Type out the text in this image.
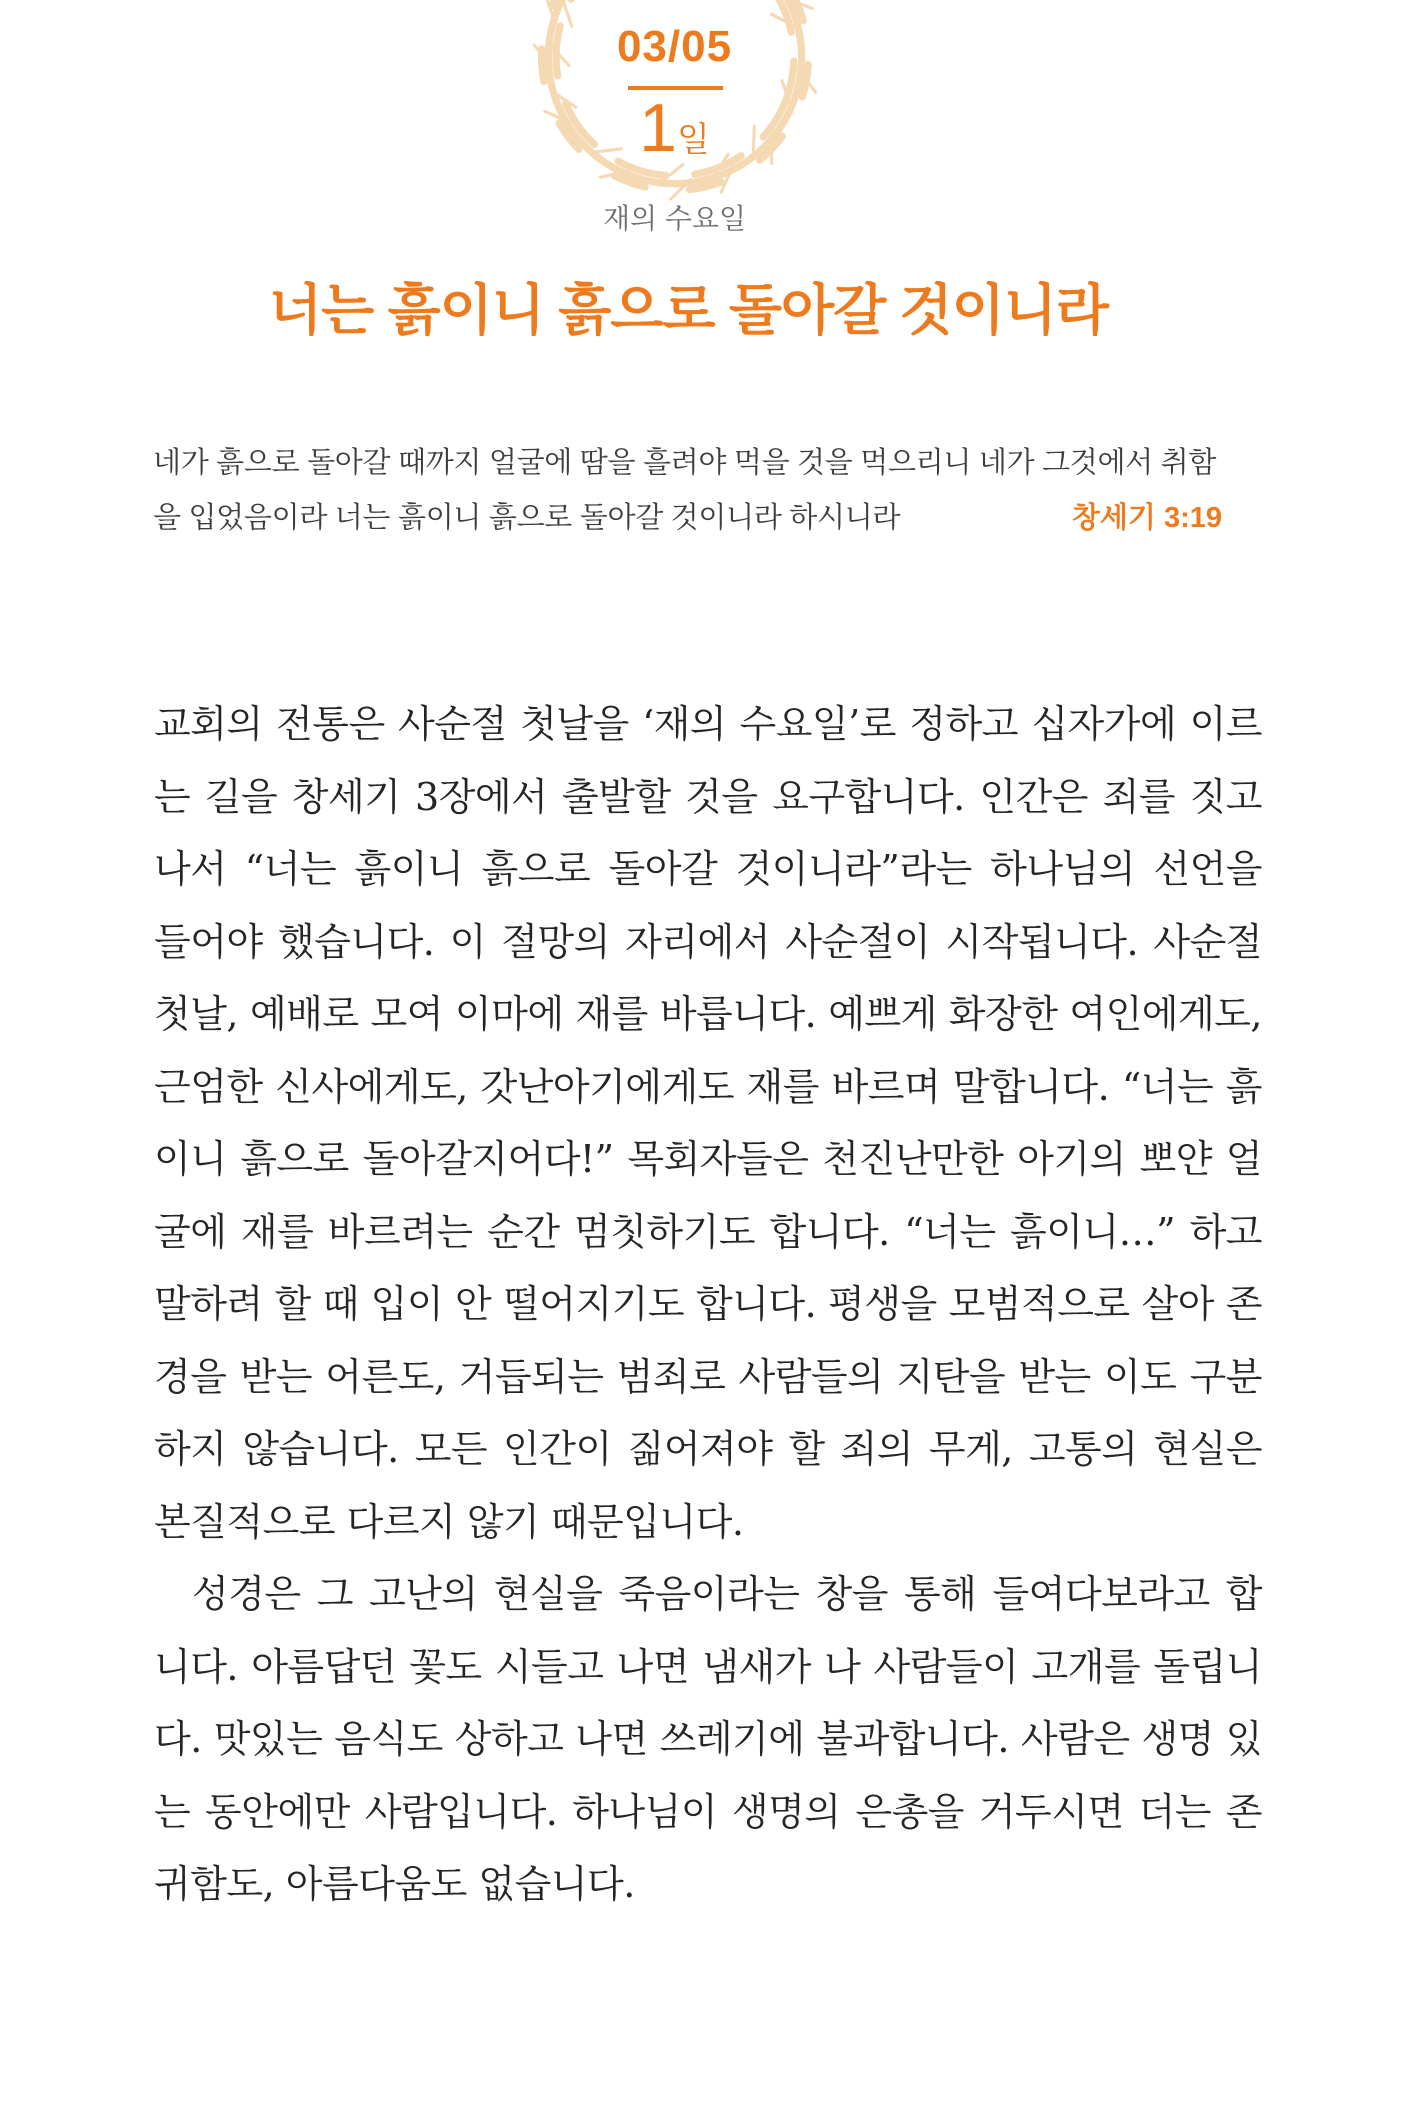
03/05
1일
재의 수요일
너는 흙이니 흙으로 돌아갈 것이니라

네가 흙으로 돌아갈 때까지 얼굴에 땀을 흘려야 먹을 것을 먹으리니 네가 그것에서 취함을 입었음이라 너는 흙이니 흙으로 돌아갈 것이니라 하시니라	창세기 3:19

교회의 전통은 사순절 첫날을 ‘재의 수요일’로 정하고 십자가에 이르는 길을 창세기 3장에서 출발할 것을 요구합니다. 인간은 죄를 짓고 나서 “너는 흙이니 흙으로 돌아갈 것이니라”라는 하나님의 선언을 들어야 했습니다. 이 절망의 자리에서 사순절이 시작됩니다. 사순절 첫날, 예배로 모여 이마에 재를 바릅니다. 예쁘게 화장한 여인에게도, 근엄한 신사에게도, 갓난아기에게도 재를 바르며 말합니다. “너는 흙이니 흙으로 돌아갈지어다!” 목회자들은 천진난만한 아기의 뽀얀 얼굴에 재를 바르려는 순간 멈칫하기도 합니다. “너는 흙이니…” 하고 말하려 할 때 입이 안 떨어지기도 합니다. 평생을 모범적으로 살아 존경을 받는 어른도, 거듭되는 범죄로 사람들의 지탄을 받는 이도 구분하지 않습니다. 모든 인간이 짊어져야 할 죄의 무게, 고통의 현실은 본질적으로 다르지 않기 때문입니다.

성경은 그 고난의 현실을 죽음이라는 창을 통해 들여다보라고 합니다. 아름답던 꽃도 시들고 나면 냄새가 나 사람들이 고개를 돌립니다. 맛있는 음식도 상하고 나면 쓰레기에 불과합니다. 사람은 생명 있는 동안에만 사람입니다. 하나님이 생명의 은총을 거두시면 더는 존귀함도, 아름다움도 없습니다.
